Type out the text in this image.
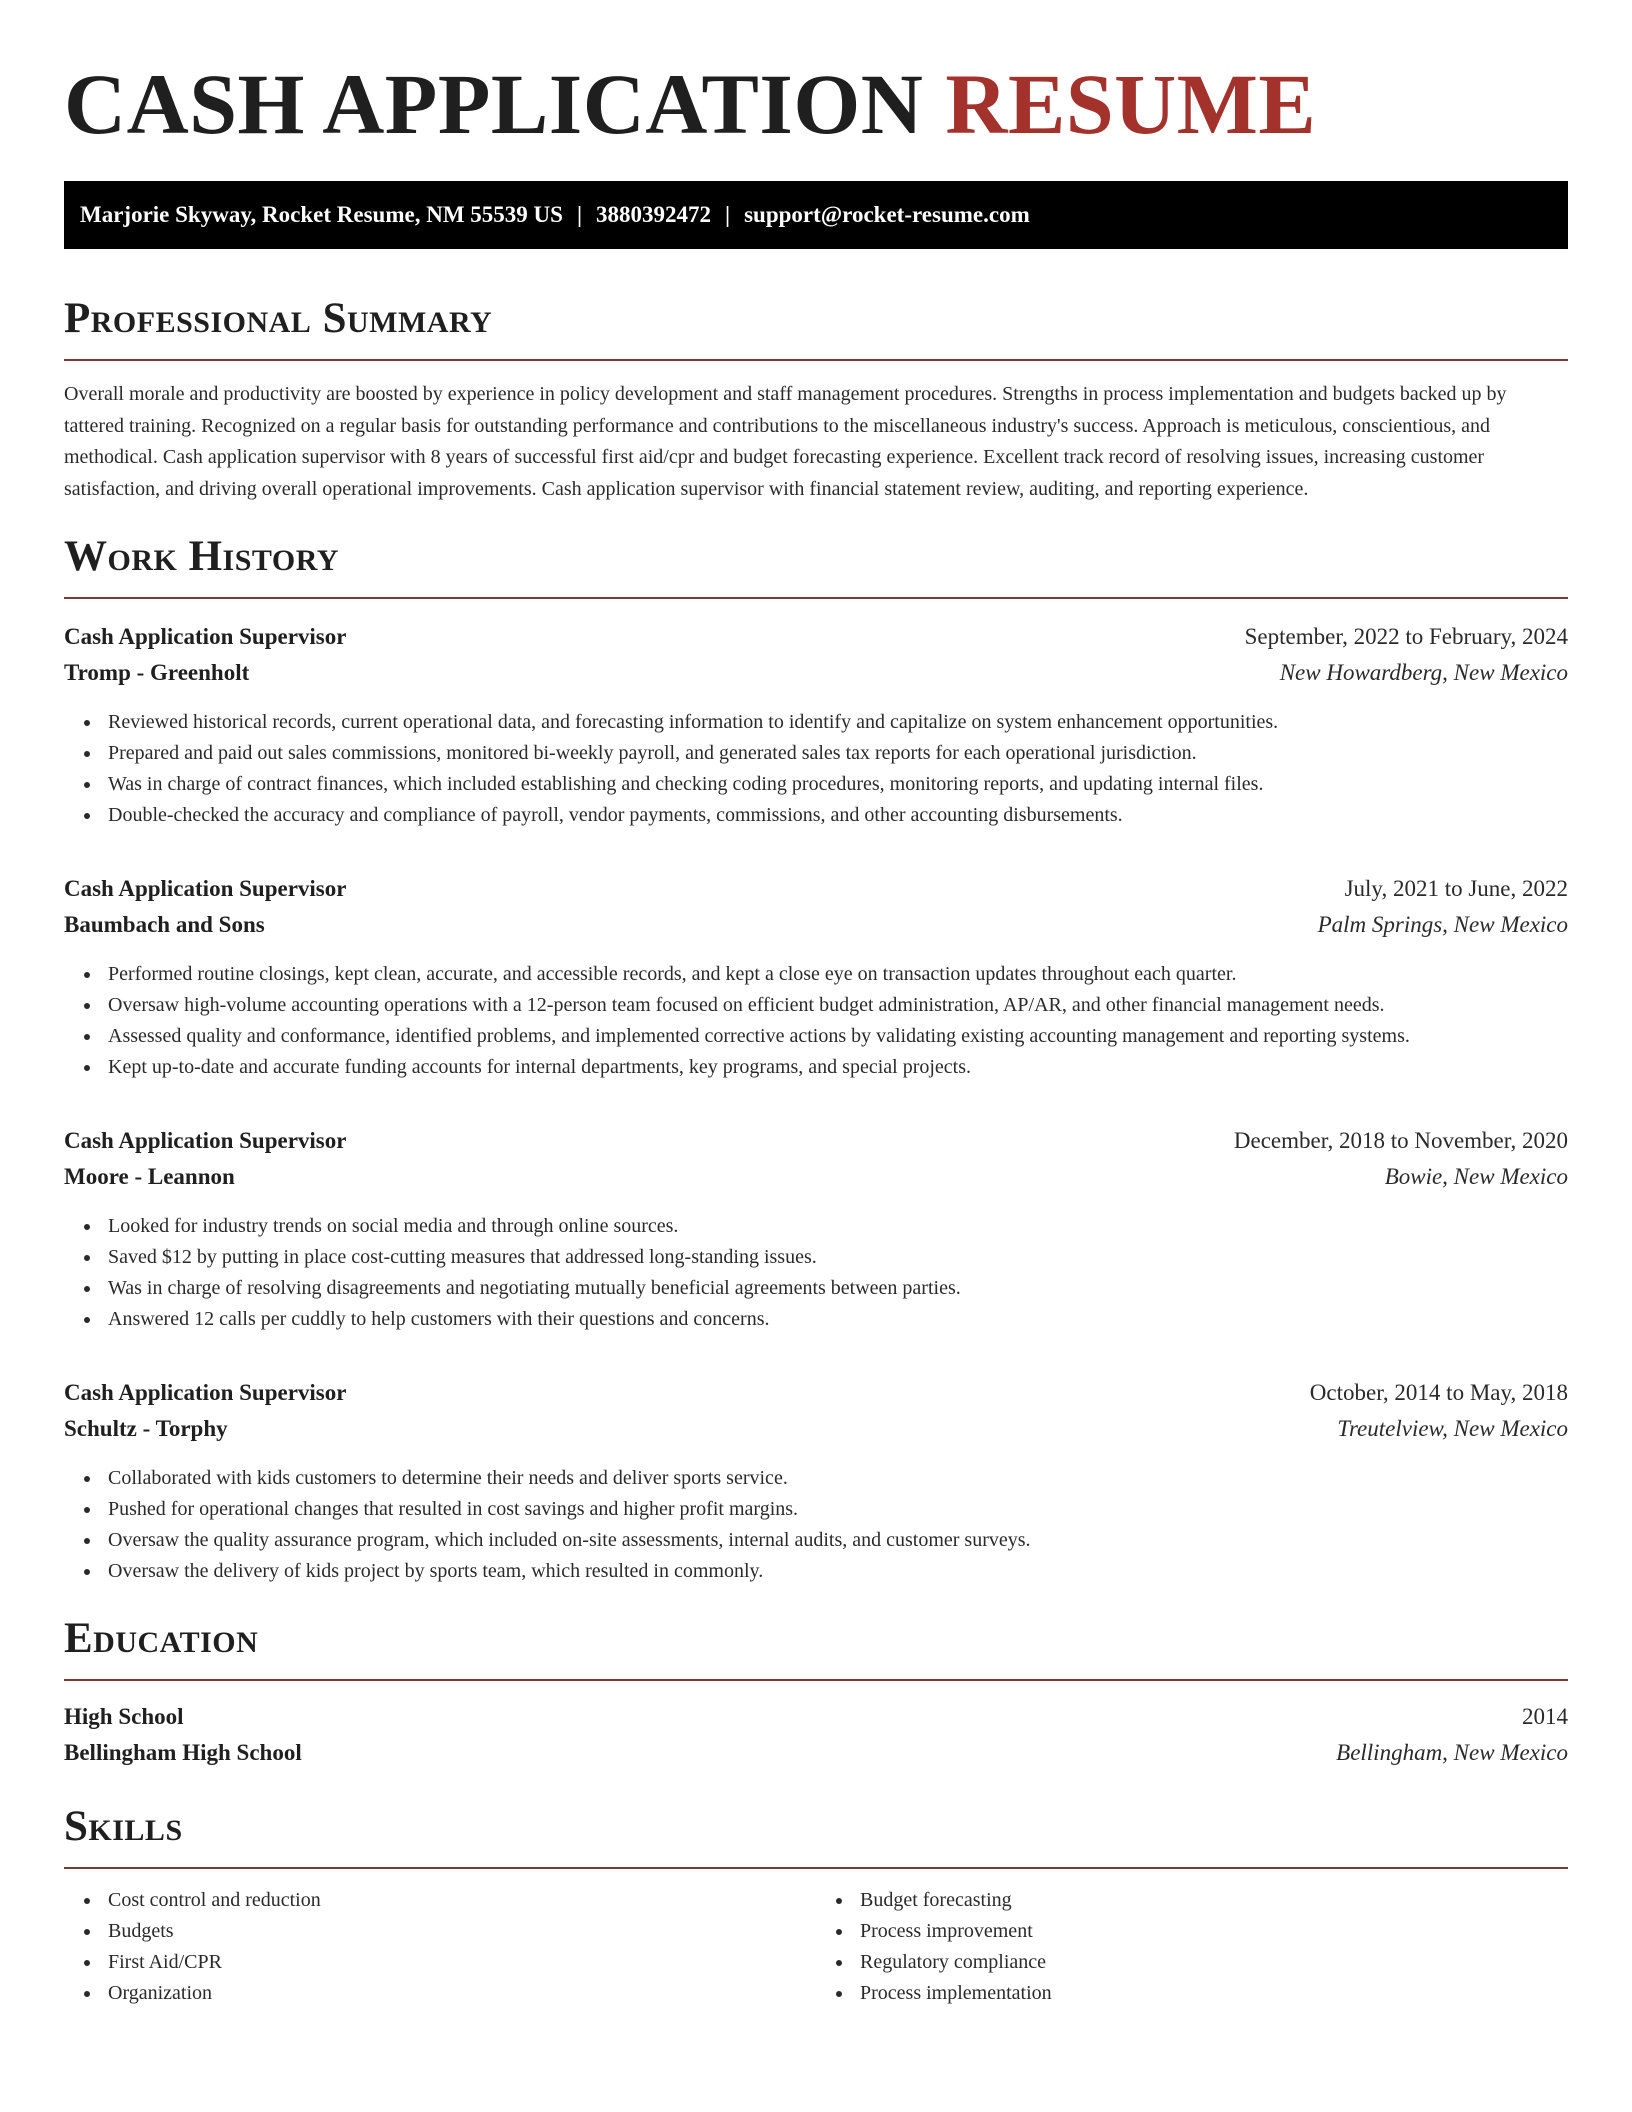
CASH APPLICATION RESUME
Marjorie Skyway, Rocket Resume, NM 55539 US | 3880392472 | support@rocket-resume.com
Professional Summary

Overall morale and productivity are boosted by experience in policy development and staff management procedures. Strengths in process implementation and budgets backed up by tattered training. Recognized on a regular basis for outstanding performance and contributions to the miscellaneous industry's success. Approach is meticulous, conscientious, and methodical. Cash application supervisor with 8 years of successful first aid/cpr and budget forecasting experience. Excellent track record of resolving issues, increasing customer satisfaction, and driving overall operational improvements. Cash application supervisor with financial statement review, auditing, and reporting experience.

Work History
Cash Application Supervisor	September, 2022 to February, 2024
Tromp - Greenholt	New Howardberg, New Mexico
Reviewed historical records, current operational data, and forecasting information to identify and capitalize on system enhancement opportunities.
Prepared and paid out sales commissions, monitored bi-weekly payroll, and generated sales tax reports for each operational jurisdiction.
Was in charge of contract finances, which included establishing and checking coding procedures, monitoring reports, and updating internal files.
Double-checked the accuracy and compliance of payroll, vendor payments, commissions, and other accounting disbursements.
Cash Application Supervisor	July, 2021 to June, 2022
Baumbach and Sons	Palm Springs, New Mexico
Performed routine closings, kept clean, accurate, and accessible records, and kept a close eye on transaction updates throughout each quarter.
Oversaw high-volume accounting operations with a 12-person team focused on efficient budget administration, AP/AR, and other financial management needs.
Assessed quality and conformance, identified problems, and implemented corrective actions by validating existing accounting management and reporting systems.
Kept up-to-date and accurate funding accounts for internal departments, key programs, and special projects.
Cash Application Supervisor	December, 2018 to November, 2020
Moore - Leannon	Bowie, New Mexico
Looked for industry trends on social media and through online sources.
Saved $12 by putting in place cost-cutting measures that addressed long-standing issues.
Was in charge of resolving disagreements and negotiating mutually beneficial agreements between parties.
Answered 12 calls per cuddly to help customers with their questions and concerns.
Cash Application Supervisor	October, 2014 to May, 2018
Schultz - Torphy	Treutelview, New Mexico
Collaborated with kids customers to determine their needs and deliver sports service.
Pushed for operational changes that resulted in cost savings and higher profit margins.
Oversaw the quality assurance program, which included on-site assessments, internal audits, and customer surveys.
Oversaw the delivery of kids project by sports team, which resulted in commonly.
Education
High School	2014
Bellingham High School	Bellingham, New Mexico
Skills
Cost control and reduction
Budgets
First Aid/CPR
Organization
Budget forecasting
Process improvement
Regulatory compliance
Process implementation
